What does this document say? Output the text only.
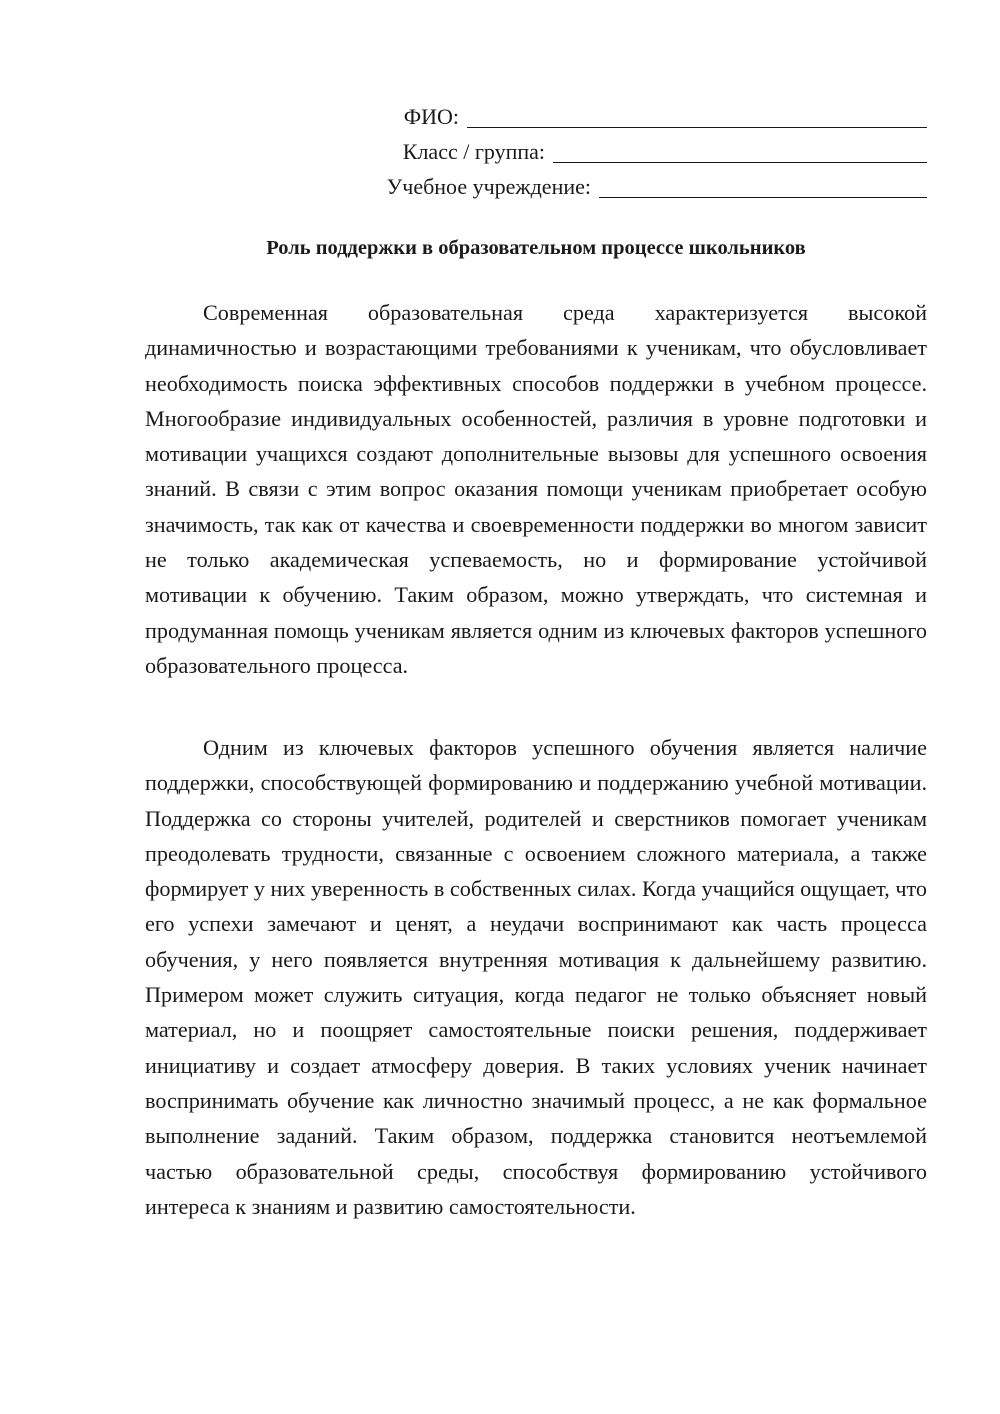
ФИО:
Класс / группа:
Учебное учреждение:
Роль поддержки в образовательном процессе школьников

Современная образовательная среда характеризуется высокой динамичностью и возрастающими требованиями к ученикам, что обусловливает необходимость поиска эффективных способов поддержки в учебном процессе. Многообразие индивидуальных особенностей, различия в уровне подготовки и мотивации учащихся создают дополнительные вызовы для успешного освоения знаний. В связи с этим вопрос оказания помощи ученикам приобретает особую значимость, так как от качества и своевременности поддержки во многом зависит не только академическая успеваемость, но и формирование устойчивой мотивации к обучению. Таким образом, можно утверждать, что системная и продуманная помощь ученикам является одним из ключевых факторов успешного образовательного процесса.

Одним из ключевых факторов успешного обучения является наличие поддержки, способствующей формированию и поддержанию учебной мотивации. Поддержка со стороны учителей, родителей и сверстников помогает ученикам преодолевать трудности, связанные с освоением сложного материала, а также формирует у них уверенность в собственных силах. Когда учащийся ощущает, что его успехи замечают и ценят, а неудачи воспринимают как часть процесса обучения, у него появляется внутренняя мотивация к дальнейшему развитию. Примером может служить ситуация, когда педагог не только объясняет новый материал, но и поощряет самостоятельные поиски решения, поддерживает инициативу и создает атмосферу доверия. В таких условиях ученик начинает воспринимать обучение как личностно значимый процесс, а не как формальное выполнение заданий. Таким образом, поддержка становится неотъемлемой частью образовательной среды, способствуя формированию устойчивого интереса к знаниям и развитию самостоятельности.
